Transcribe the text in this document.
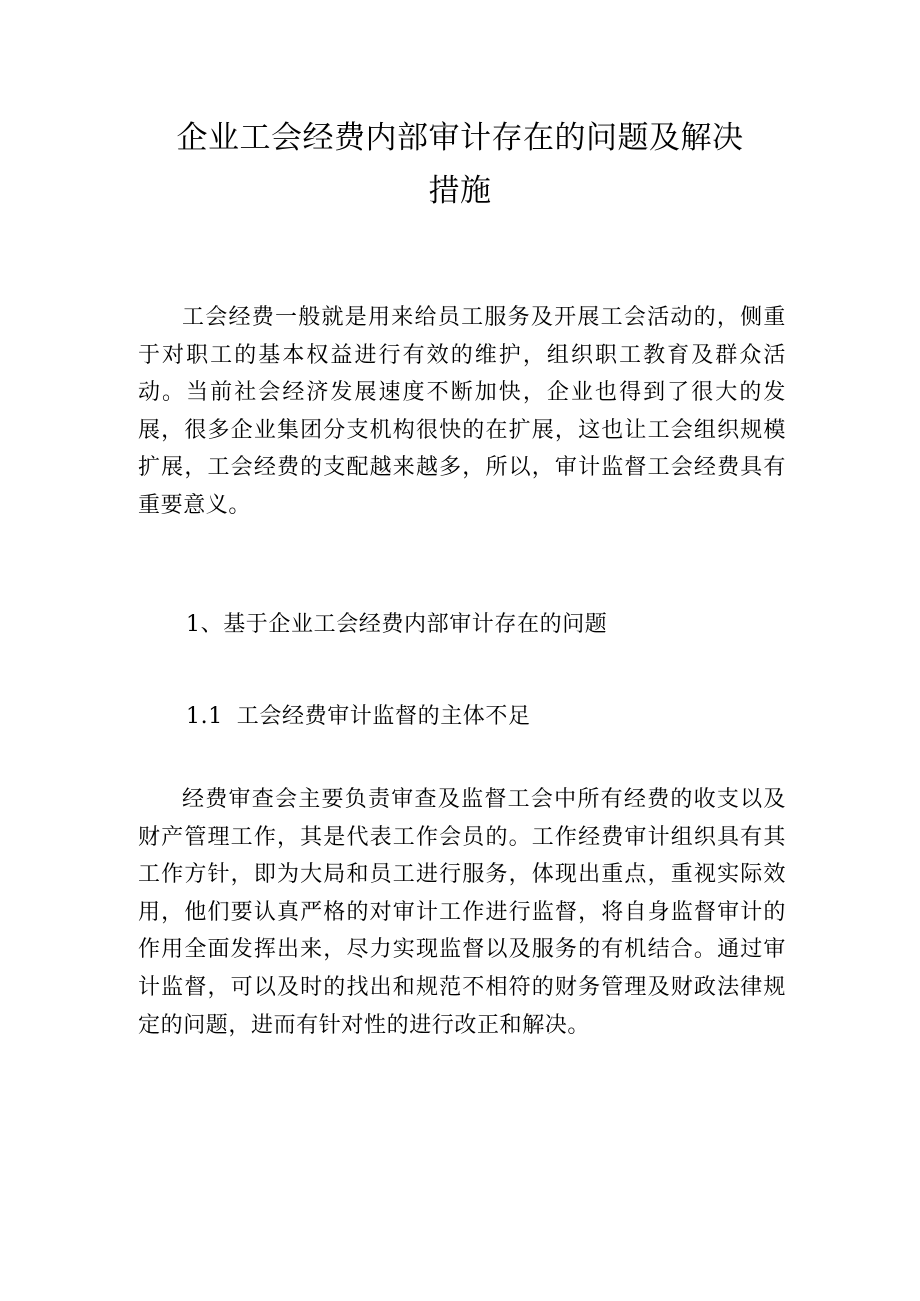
企业工会经费内部审计存在的问题及解决
措施

工会经费一般就是用来给员工服务及开展工会活动的，侧重于对职工的基本权益进行有效的维护，组织职工教育及群众活动。当前社会经济发展速度不断加快，企业也得到了很大的发展，很多企业集团分支机构很快的在扩展，这也让工会组织规模扩展，工会经费的支配越来越多，所以，审计监督工会经费具有重要意义。

1、基于企业工会经费内部审计存在的问题

1.1 工会经费审计监督的主体不足

经费审查会主要负责审查及监督工会中所有经费的收支以及财产管理工作，其是代表工作会员的。工作经费审计组织具有其工作方针，即为大局和员工进行服务，体现出重点，重视实际效用，他们要认真严格的对审计工作进行监督，将自身监督审计的作用全面发挥出来，尽力实现监督以及服务的有机结合。通过审计监督，可以及时的找出和规范不相符的财务管理及财政法律规定的问题，进而有针对性的进行改正和解决。
